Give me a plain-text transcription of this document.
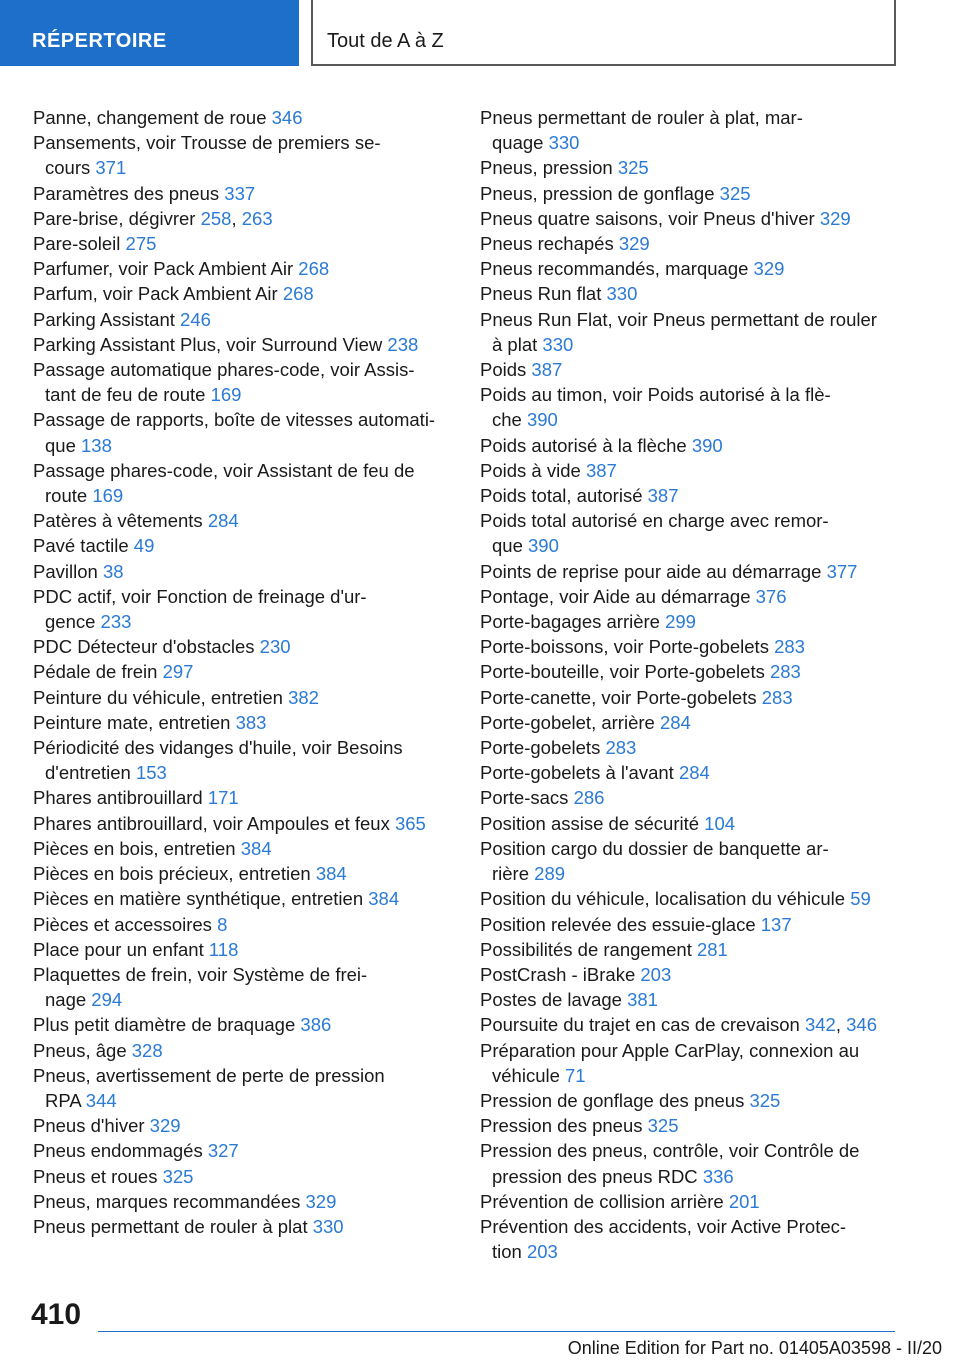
RÉPERTOIRE	Tout de A à Z
Panne, changement de roue 346
Pansements, voir Trousse de premiers se-
cours 371
Paramètres des pneus 337
Pare-brise, dégivrer 258, 263
Pare-soleil 275
Parfumer, voir Pack Ambient Air 268
Parfum, voir Pack Ambient Air 268
Parking Assistant 246
Parking Assistant Plus, voir Surround View 238
Passage automatique phares-code, voir Assis-
tant de feu de route 169
Passage de rapports, boîte de vitesses automati-
que 138
Passage phares-code, voir Assistant de feu de
route 169
Patères à vêtements 284
Pavé tactile 49
Pavillon 38
PDC actif, voir Fonction de freinage d'ur-
gence 233
PDC Détecteur d'obstacles 230
Pédale de frein 297
Peinture du véhicule, entretien 382
Peinture mate, entretien 383
Périodicité des vidanges d'huile, voir Besoins
d'entretien 153
Phares antibrouillard 171
Phares antibrouillard, voir Ampoules et feux 365
Pièces en bois, entretien 384
Pièces en bois précieux, entretien 384
Pièces en matière synthétique, entretien 384
Pièces et accessoires 8
Place pour un enfant 118
Plaquettes de frein, voir Système de frei-
nage 294
Plus petit diamètre de braquage 386
Pneus, âge 328
Pneus, avertissement de perte de pression
RPA 344
Pneus d'hiver 329
Pneus endommagés 327
Pneus et roues 325
Pneus, marques recommandées 329
Pneus permettant de rouler à plat 330
Pneus permettant de rouler à plat, mar-
quage 330
Pneus, pression 325
Pneus, pression de gonflage 325
Pneus quatre saisons, voir Pneus d'hiver 329
Pneus rechapés 329
Pneus recommandés, marquage 329
Pneus Run flat 330
Pneus Run Flat, voir Pneus permettant de rouler
à plat 330
Poids 387
Poids au timon, voir Poids autorisé à la flè-
che 390
Poids autorisé à la flèche 390
Poids à vide 387
Poids total, autorisé 387
Poids total autorisé en charge avec remor-
que 390
Points de reprise pour aide au démarrage 377
Pontage, voir Aide au démarrage 376
Porte-bagages arrière 299
Porte-boissons, voir Porte-gobelets 283
Porte-bouteille, voir Porte-gobelets 283
Porte-canette, voir Porte-gobelets 283
Porte-gobelet, arrière 284
Porte-gobelets 283
Porte-gobelets à l'avant 284
Porte-sacs 286
Position assise de sécurité 104
Position cargo du dossier de banquette ar-
rière 289
Position du véhicule, localisation du véhicule 59
Position relevée des essuie-glace 137
Possibilités de rangement 281
PostCrash - iBrake 203
Postes de lavage 381
Poursuite du trajet en cas de crevaison 342, 346
Préparation pour Apple CarPlay, connexion au
véhicule 71
Pression de gonflage des pneus 325
Pression des pneus 325
Pression des pneus, contrôle, voir Contrôle de
pression des pneus RDC 336
Prévention de collision arrière 201
Prévention des accidents, voir Active Protec-
tion 203
410
Online Edition for Part no. 01405A03598 - II/20
